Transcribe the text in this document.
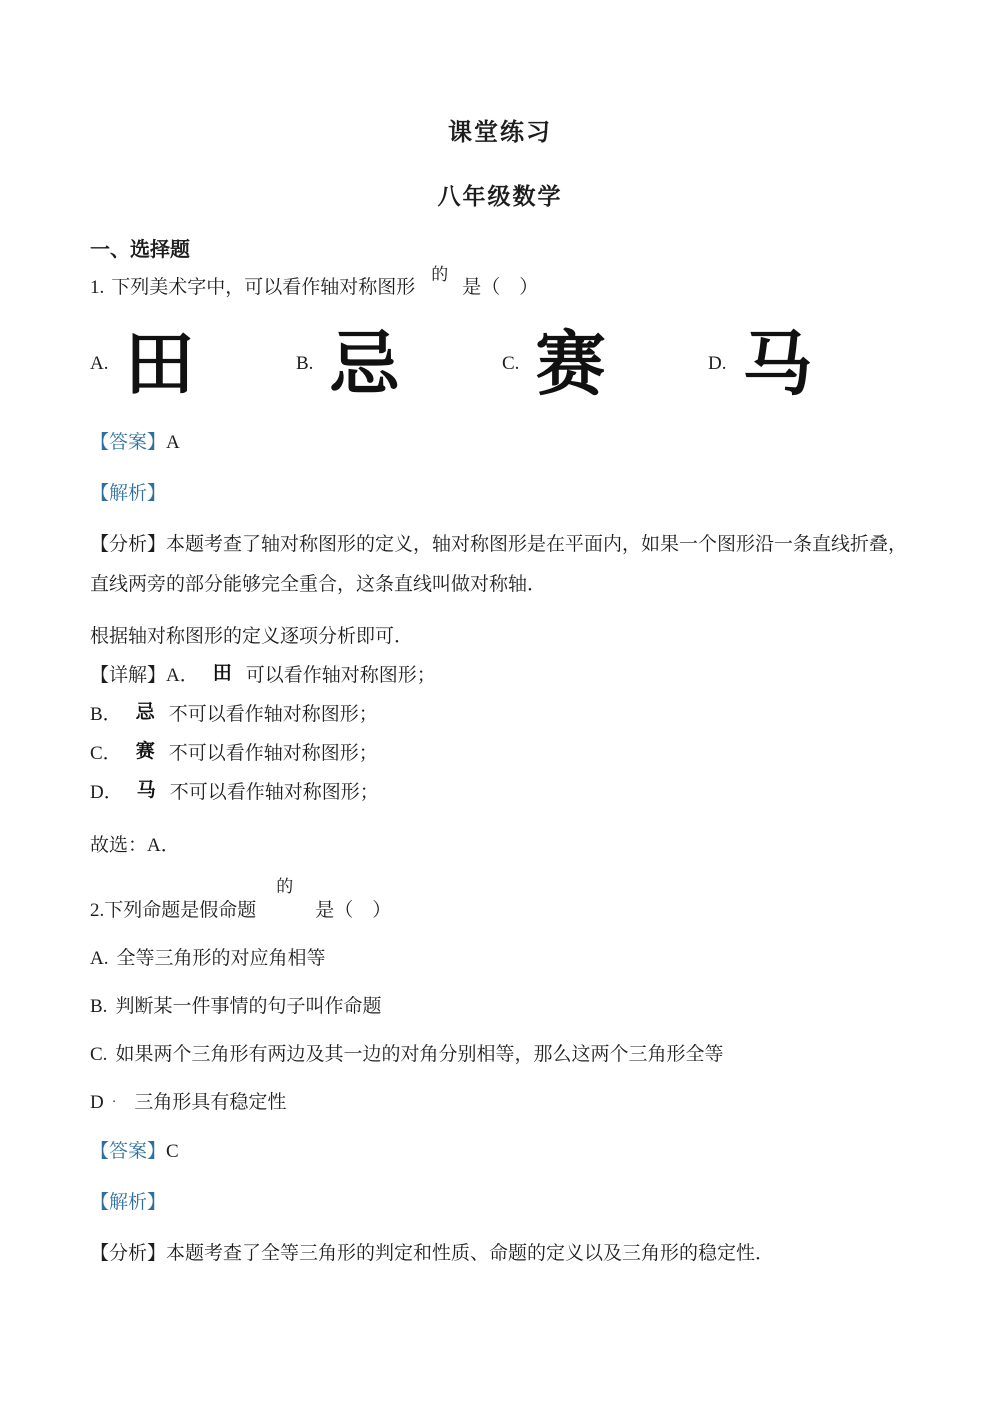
课堂练习
八年级数学
一、选择题

1. 下列美术字中，可以看作轴对称图形的是（　）

A. 田	B. 忌	C. 赛	D. 马

【答案】A

【解析】

【分析】本题考查了轴对称图形的定义，轴对称图形是在平面内，如果一个图形沿一条直线折叠，直线两旁的部分能够完全重合，这条直线叫做对称轴．

根据轴对称图形的定义逐项分析即可．

【详解】A． 田 可以看作轴对称图形；
B． 忌 不可以看作轴对称图形；
C． 赛 不可以看作轴对称图形；
D． 马 不可以看作轴对称图形；

故选：A．

2.下列命题是假命题的是（　）

A. 全等三角形的对应角相等

B. 判断某一件事情的句子叫作命题

C. 如果两个三角形有两边及其一边的对角分别相等，那么这两个三角形全等

D · 三角形具有稳定性

【答案】C

【解析】

【分析】本题考查了全等三角形的判定和性质、命题的定义以及三角形的稳定性．
